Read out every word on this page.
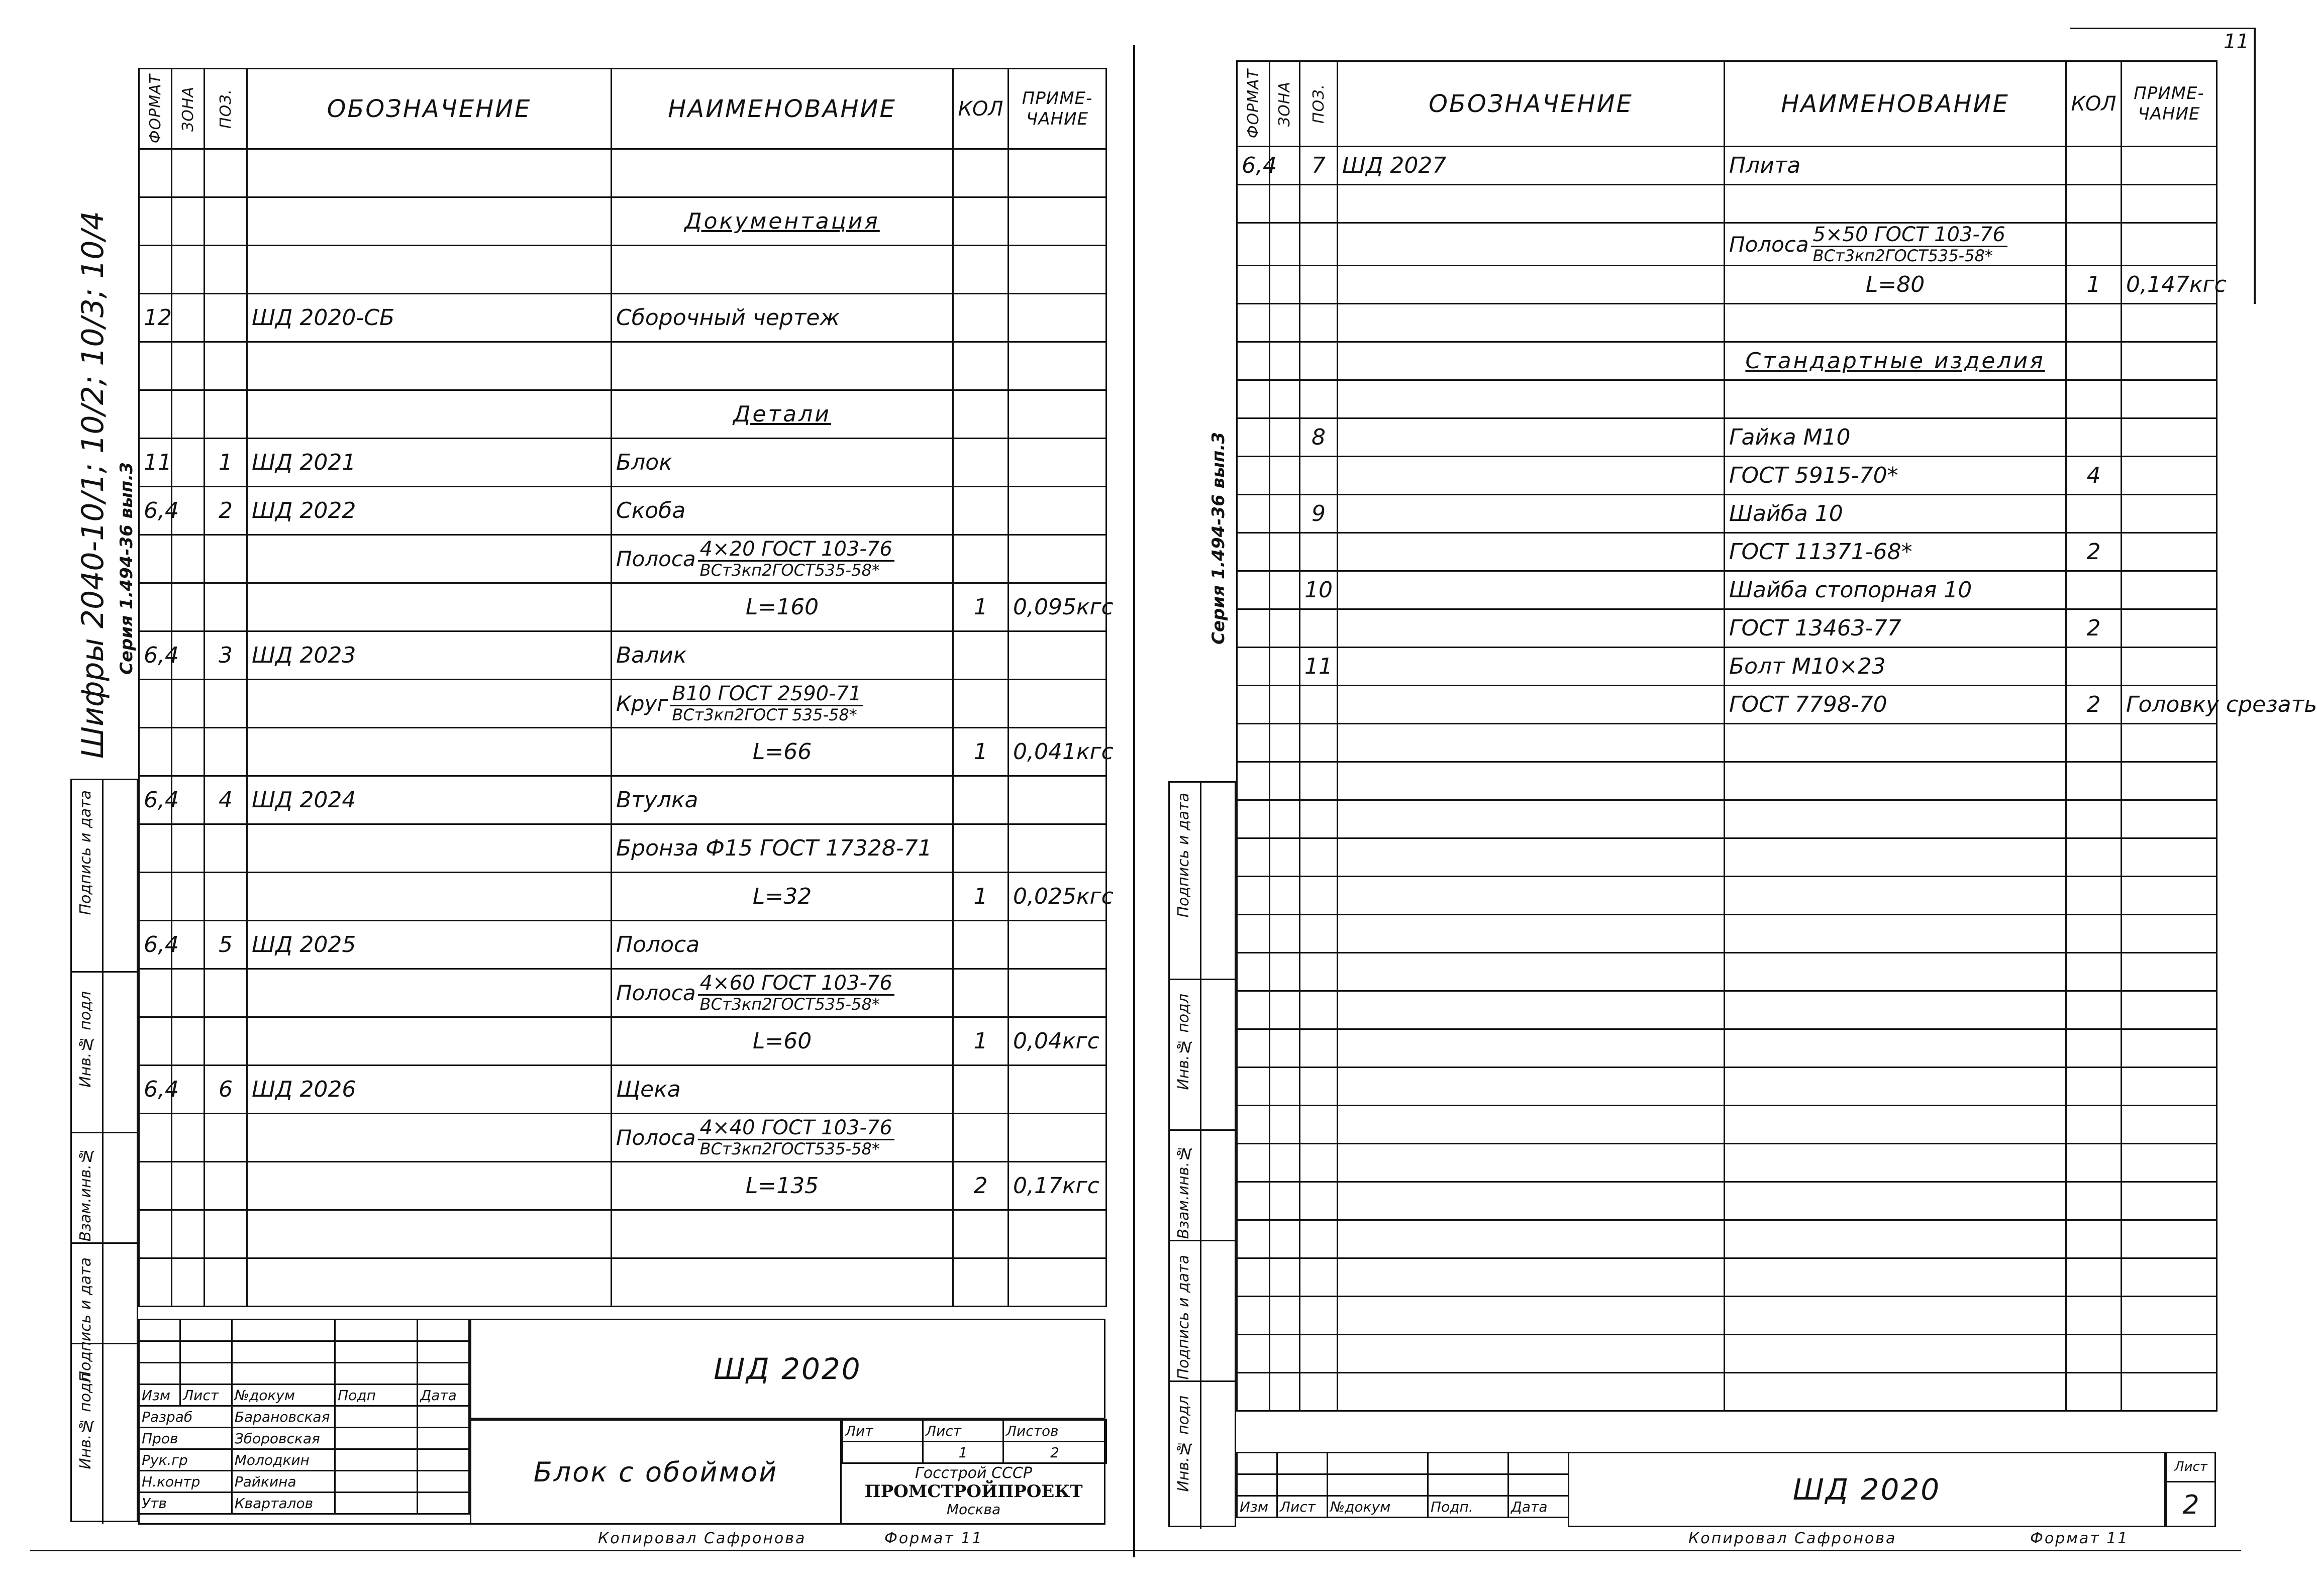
ФОРМАТ	ЗОНА	ПОЗ.	ОБОЗНАЧЕНИЕ	НАИМЕНОВАНИЕ	КОЛ	ПРИМЕ-ЧАНИЕ

				Документация		

12			ШД 2020-СБ	Сборочный чертеж		

				Детали		
11		1	ШД 2021	Блок		
6,4		2	ШД 2022	Скоба		
				Полоса $\frac{\text{4×20 ГОСТ 103-76}}{\text{ВСт3кп2ГОСТ535-58*}}$

				L=160	1	0,095кгс
6,4		3	ШД 2023	Валик		
				Круг $\frac{\text{В10 ГОСТ 2590-71}}{\text{ВСт3кп2ГОСТ 535-58*}}$

				L=66	1	0,041кгс
6,4		4	ШД 2024	Втулка		
				Бронза Ф15 ГОСТ 17328-71		
				L=32	1	0,025кгс
6,4		5	ШД 2025	Полоса		
				Полоса $\frac{\text{4×60 ГОСТ 103-76}}{\text{ВСт3кп2ГОСТ535-58*}}$

				L=60	1	0,04кгс
6,4		6	ШД 2026	Щека		
				Полоса $\frac{\text{4×40 ГОСТ 103-76}}{\text{ВСт3кп2ГОСТ535-58*}}$

				L=135	2	0,17кгс

Изм	Лист	№докум	Подп	Дата
Разраб		Барановская		
Пров		Зборовская		
Рук.гр		Молодкин		
Н.контр		Райкина		
Утв		Кварталов		
ШД 2020
Блок с обоймой
Лит	Лист	Листов
	1	2
Госстрой СССР
ПРОМСТРОЙПРОЕКТ
Москва
Шифры 2040-10/1; 10/2; 10/3; 10/4 Серия 1.494-36 вып.3
Подпись и дата
Инв.№ подл
Взам.инв.№
Подпись и дата
Инв.№ подл
Копировал Сафронова	Формат 11
11
ФОРМАТ	ЗОНА	ПОЗ.	ОБОЗНАЧЕНИЕ	НАИМЕНОВАНИЕ	КОЛ	ПРИМЕ-ЧАНИЕ
6,4		7	ШД 2027	Плита		

				Полоса $\frac{\text{5×50 ГОСТ 103-76}}{\text{ВСт3кп2ГОСТ535-58*}}$

				L=80	1	0,147кгс

				Стандартные изделия		

		8		Гайка М10		
				ГОСТ 5915-70*	4	
		9		Шайба 10		
				ГОСТ 11371-68*	2	
		10		Шайба стопорная 10		
				ГОСТ 13463-77	2	
		11		Болт М10×23		
				ГОСТ 7798-70	2	Головку срезать

Изм	Лист	№докум	Подп.	Дата	ШД 2020
Лист
2
Серия 1.494-36 вып.3
Подпись и дата
Инв.№ подл
Взам.инв.№
Подпись и дата
Инв.№ подл
Копировал Сафронова	Формат 11
